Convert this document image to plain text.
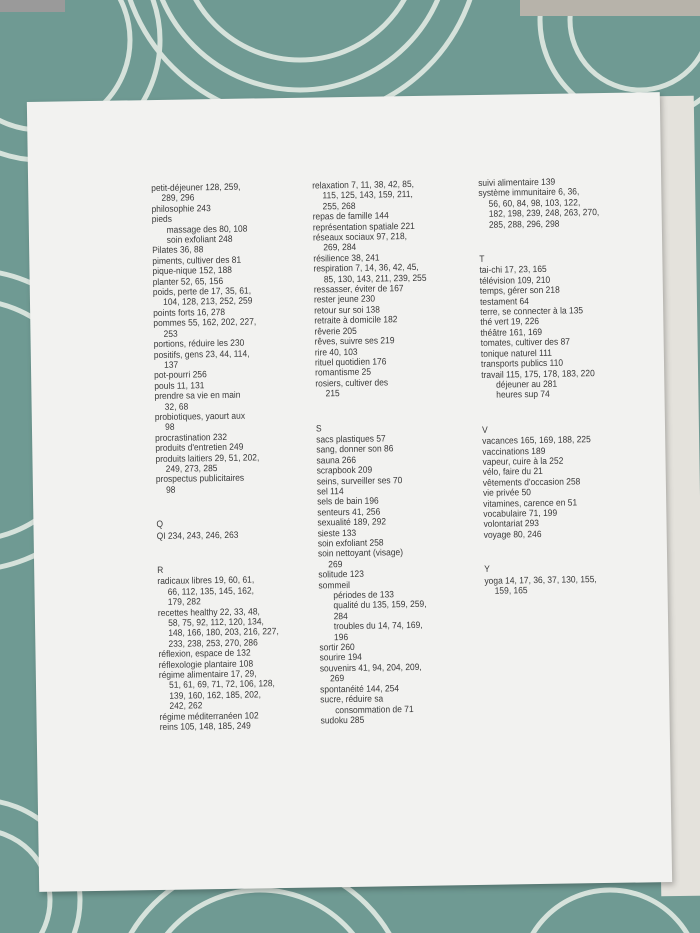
petit-déjeuner 128, 259,
289, 296
philosophie 243
pieds
massage des 80, 108
soin exfoliant 248
Pilates 36, 88
piments, cultiver des 81
pique-nique 152, 188
planter 52, 65, 156
poids, perte de 17, 35, 61,
104, 128, 213, 252, 259
points forts 16, 278
pommes 55, 162, 202, 227,
253
portions, réduire les 230
positifs, gens 23, 44, 114,
137
pot-pourri 256
pouls 11, 131
prendre sa vie en main
32, 68
probiotiques, yaourt aux
98
procrastination 232
produits d'entretien 249
produits laitiers 29, 51, 202,
249, 273, 285
prospectus publicitaires
98
Q
QI 234, 243, 246, 263
R
radicaux libres 19, 60, 61,
66, 112, 135, 145, 162,
179, 282
recettes healthy 22, 33, 48,
58, 75, 92, 112, 120, 134,
148, 166, 180, 203, 216, 227,
233, 238, 253, 270, 286
réflexion, espace de 132
réflexologie plantaire 108
régime alimentaire 17, 29,
51, 61, 69, 71, 72, 106, 128,
139, 160, 162, 185, 202,
242, 262
régime méditerranéen 102
reins 105, 148, 185, 249
relaxation 7, 11, 38, 42, 85,
115, 125, 143, 159, 211,
255, 268
repas de famille 144
représentation spatiale 221
réseaux sociaux 97, 218,
269, 284
résilience 38, 241
respiration 7, 14, 36, 42, 45,
85, 130, 143, 211, 239, 255
ressasser, éviter de 167
rester jeune 230
retour sur soi 138
retraite à domicile 182
rêverie 205
rêves, suivre ses 219
rire 40, 103
rituel quotidien 176
romantisme 25
rosiers, cultiver des
215
S
sacs plastiques 57
sang, donner son 86
sauna 266
scrapbook 209
seins, surveiller ses 70
sel 114
sels de bain 196
senteurs 41, 256
sexualité 189, 292
sieste 133
soin exfoliant 258
soin nettoyant (visage)
269
solitude 123
sommeil
périodes de 133
qualité du 135, 159, 259,
284
troubles du 14, 74, 169,
196
sortir 260
sourire 194
souvenirs 41, 94, 204, 209,
269
spontanéité 144, 254
sucre, réduire sa
consommation de 71
sudoku 285
suivi alimentaire 139
système immunitaire 6, 36,
56, 60, 84, 98, 103, 122,
182, 198, 239, 248, 263, 270,
285, 288, 296, 298
T
tai-chi 17, 23, 165
télévision 109, 210
temps, gérer son 218
testament 64
terre, se connecter à la 135
thé vert 19, 226
théâtre 161, 169
tomates, cultiver des 87
tonique naturel 111
transports publics 110
travail 115, 175, 178, 183, 220
déjeuner au 281
heures sup 74
V
vacances 165, 169, 188, 225
vaccinations 189
vapeur, cuire à la 252
vélo, faire du 21
vêtements d'occasion 258
vie privée 50
vitamines, carence en 51
vocabulaire 71, 199
volontariat 293
voyage 80, 246
Y
yoga 14, 17, 36, 37, 130, 155,
159, 165
